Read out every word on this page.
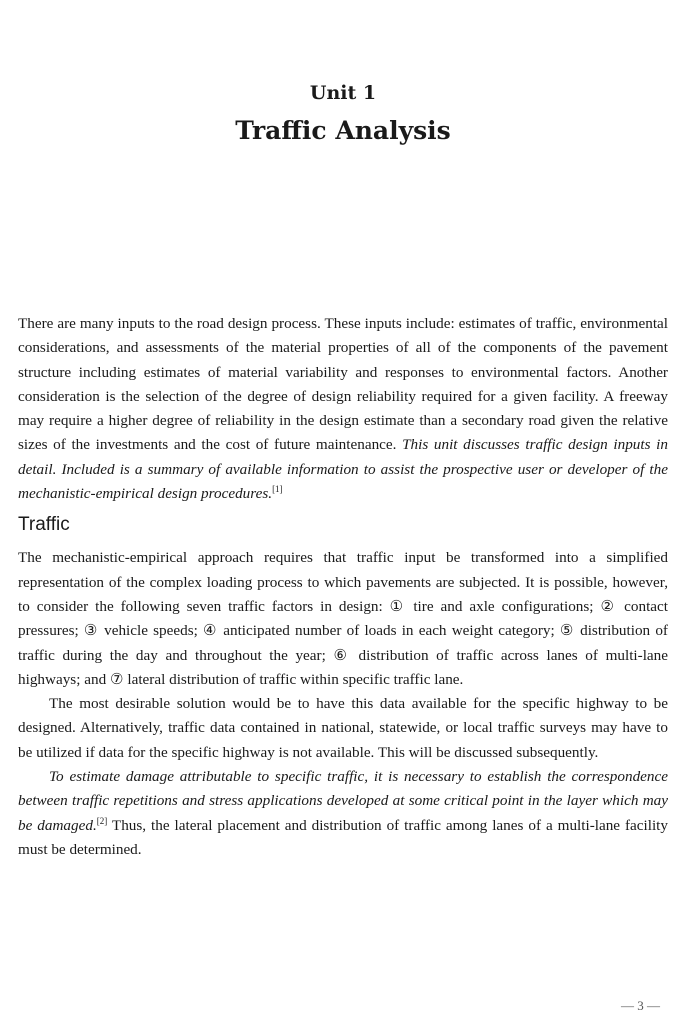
Unit 1
Traffic Analysis

There are many inputs to the road design process. These inputs include: estimates of traffic, environmental considerations, and assessments of the material properties of all of the components of the pavement structure including estimates of material variability and responses to environmental factors. Another consideration is the selection of the degree of design reliability required for a given facility. A freeway may require a higher degree of reliability in the design estimate than a secondary road given the relative sizes of the investments and the cost of future maintenance. This unit discusses traffic design inputs in detail. Included is a summary of available information to assist the prospective user or developer of the mechanistic-empirical design procedures.[1]

Traffic

The mechanistic-empirical approach requires that traffic input be transformed into a simplified representation of the complex loading process to which pavements are subjected. It is possible, however, to consider the following seven traffic factors in design: ① tire and axle configurations; ② contact pressures; ③ vehicle speeds; ④ anticipated number of loads in each weight category; ⑤ distribution of traffic during the day and throughout the year; ⑥ distribution of traffic across lanes of multi-lane highways; and ⑦ lateral distribution of traffic within specific traffic lane.

The most desirable solution would be to have this data available for the specific highway to be designed. Alternatively, traffic data contained in national, statewide, or local traffic surveys may have to be utilized if data for the specific highway is not available. This will be discussed subsequently.

To estimate damage attributable to specific traffic, it is necessary to establish the correspondence between traffic repetitions and stress applications developed at some critical point in the layer which may be damaged.[2] Thus, the lateral placement and distribution of traffic among lanes of a multi-lane facility must be determined.

— 3 —
